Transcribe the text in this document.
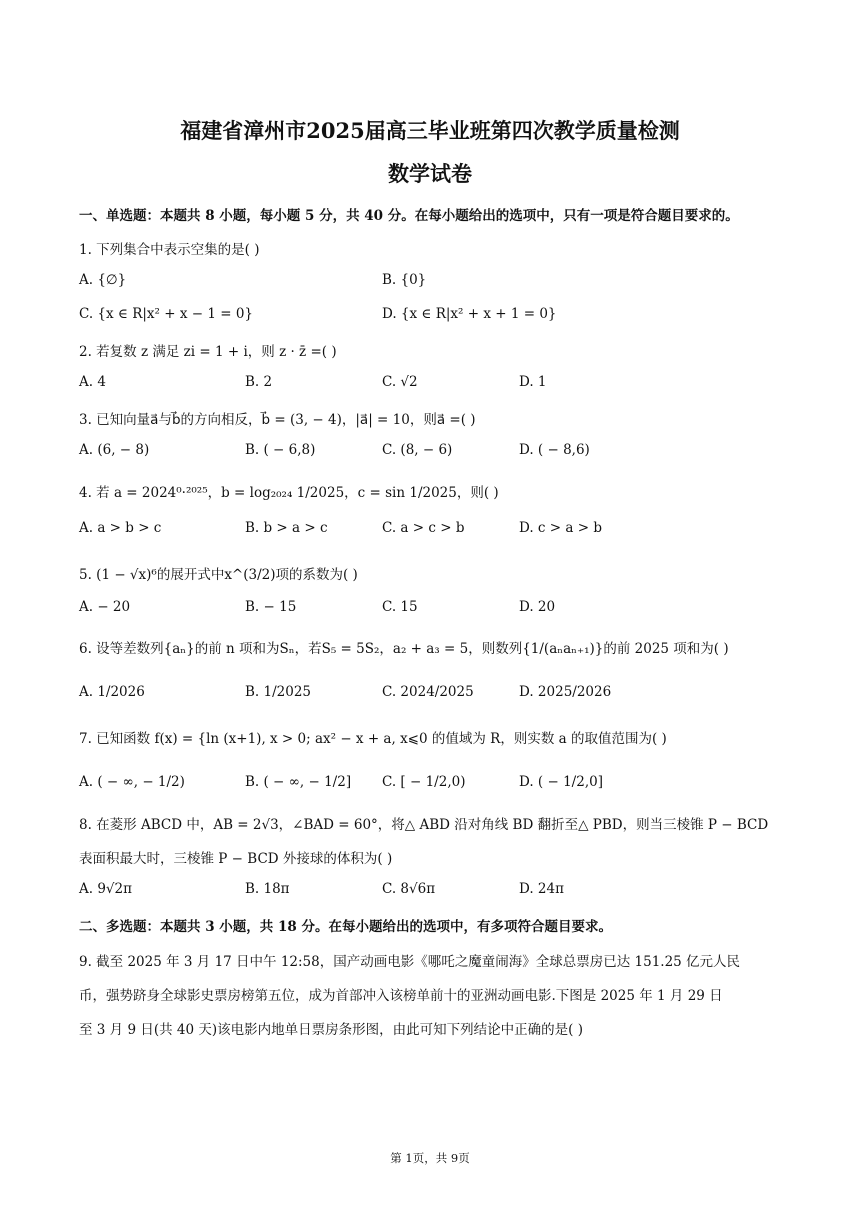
福建省漳州市2025届高三毕业班第四次教学质量检测
数学试卷
一、单选题：本题共 8 小题，每小题 5 分，共 40 分。在每小题给出的选项中，只有一项是符合题目要求的。
1. 下列集合中表示空集的是( )
A. {∅}	B. {0}
C. {x ∈ R|x² + x − 1 = 0}	D. {x ∈ R|x² + x + 1 = 0}
2. 若复数 z 满足 zi = 1 + i，则 z · z̄ =( )
A. 4	B. 2	C. √2	D. 1
3. 已知向量a⃗与b⃗的方向相反，b⃗ = (3, − 4)，|a⃗| = 10，则a⃗ =( )
A. (6, − 8)	B. ( − 6,8)	C. (8, − 6)	D. ( − 8,6)
4. 若 a = 2024⁰·²⁰²⁵，b = log₂₀₂₄ 1/2025，c = sin 1/2025，则( )
A. a > b > c	B. b > a > c	C. a > c > b	D. c > a > b
5. (1 − √x)⁶的展开式中x^(3/2)项的系数为( )
A. − 20	B. − 15	C. 15	D. 20
6. 设等差数列{aₙ}的前 n 项和为Sₙ，若S₅ = 5S₂，a₂ + a₃ = 5，则数列{1/(aₙaₙ₊₁)}的前 2025 项和为( )
A. 1/2026	B. 1/2025	C. 2024/2025	D. 2025/2026
7. 已知函数 f(x) = {ln (x+1), x > 0; ax² − x + a, x⩽0 的值域为 R，则实数 a 的取值范围为( )
A. ( − ∞, − 1/2)	B. ( − ∞, − 1/2] C. [ − 1/2,0)	D. ( − 1/2,0]
8. 在菱形 ABCD 中，AB = 2√3，∠BAD = 60°，将△ ABD 沿对角线 BD 翻折至△ PBD，则当三棱锥 P − BCD
表面积最大时，三棱锥 P − BCD 外接球的体积为( )
A. 9√2π	B. 18π	C. 8√6π	D. 24π
二、多选题：本题共 3 小题，共 18 分。在每小题给出的选项中，有多项符合题目要求。
9. 截至 2025 年 3 月 17 日中午 12:58，国产动画电影《哪吒之魔童闹海》全球总票房已达 151.25 亿元人民
币，强势跻身全球影史票房榜第五位，成为首部冲入该榜单前十的亚洲动画电影.下图是 2025 年 1 月 29 日
至 3 月 9 日(共 40 天)该电影内地单日票房条形图，由此可知下列结论中正确的是( )
第 1页，共 9页
